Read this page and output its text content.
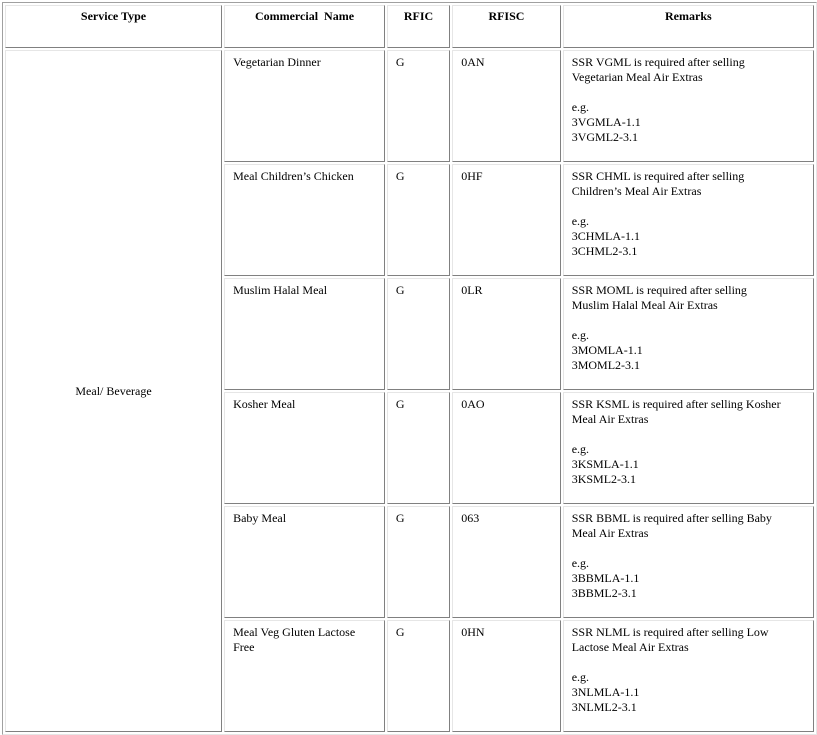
Service Type	Commercial  Name	RFIC	RFISC	Remarks
Meal/ Beverage	Vegetarian Dinner	G	0AN	SSR VGML is required after selling
Vegetarian Meal Air Extras
e.g.
3VGMLA-1.1
3VGML2-3.1

	Meal Children’s Chicken	G	0HF	SSR CHML is required after selling
Children’s Meal Air Extras
e.g.
3CHMLA-1.1
3CHML2-3.1

	Muslim Halal Meal	G	0LR	SSR MOML is required after selling
Muslim Halal Meal Air Extras
e.g.
3MOMLA-1.1
3MOML2-3.1

	Kosher Meal	G	0AO	SSR KSML is required after selling Kosher
Meal Air Extras
e.g.
3KSMLA-1.1
3KSML2-3.1

	Baby Meal	G	063	SSR BBML is required after selling Baby
Meal Air Extras
e.g.
3BBMLA-1.1
3BBML2-3.1

	Meal Veg Gluten Lactose Free	G	0HN	SSR NLML is required after selling Low
Lactose Meal Air Extras
e.g.
3NLMLA-1.1
3NLML2-3.1
